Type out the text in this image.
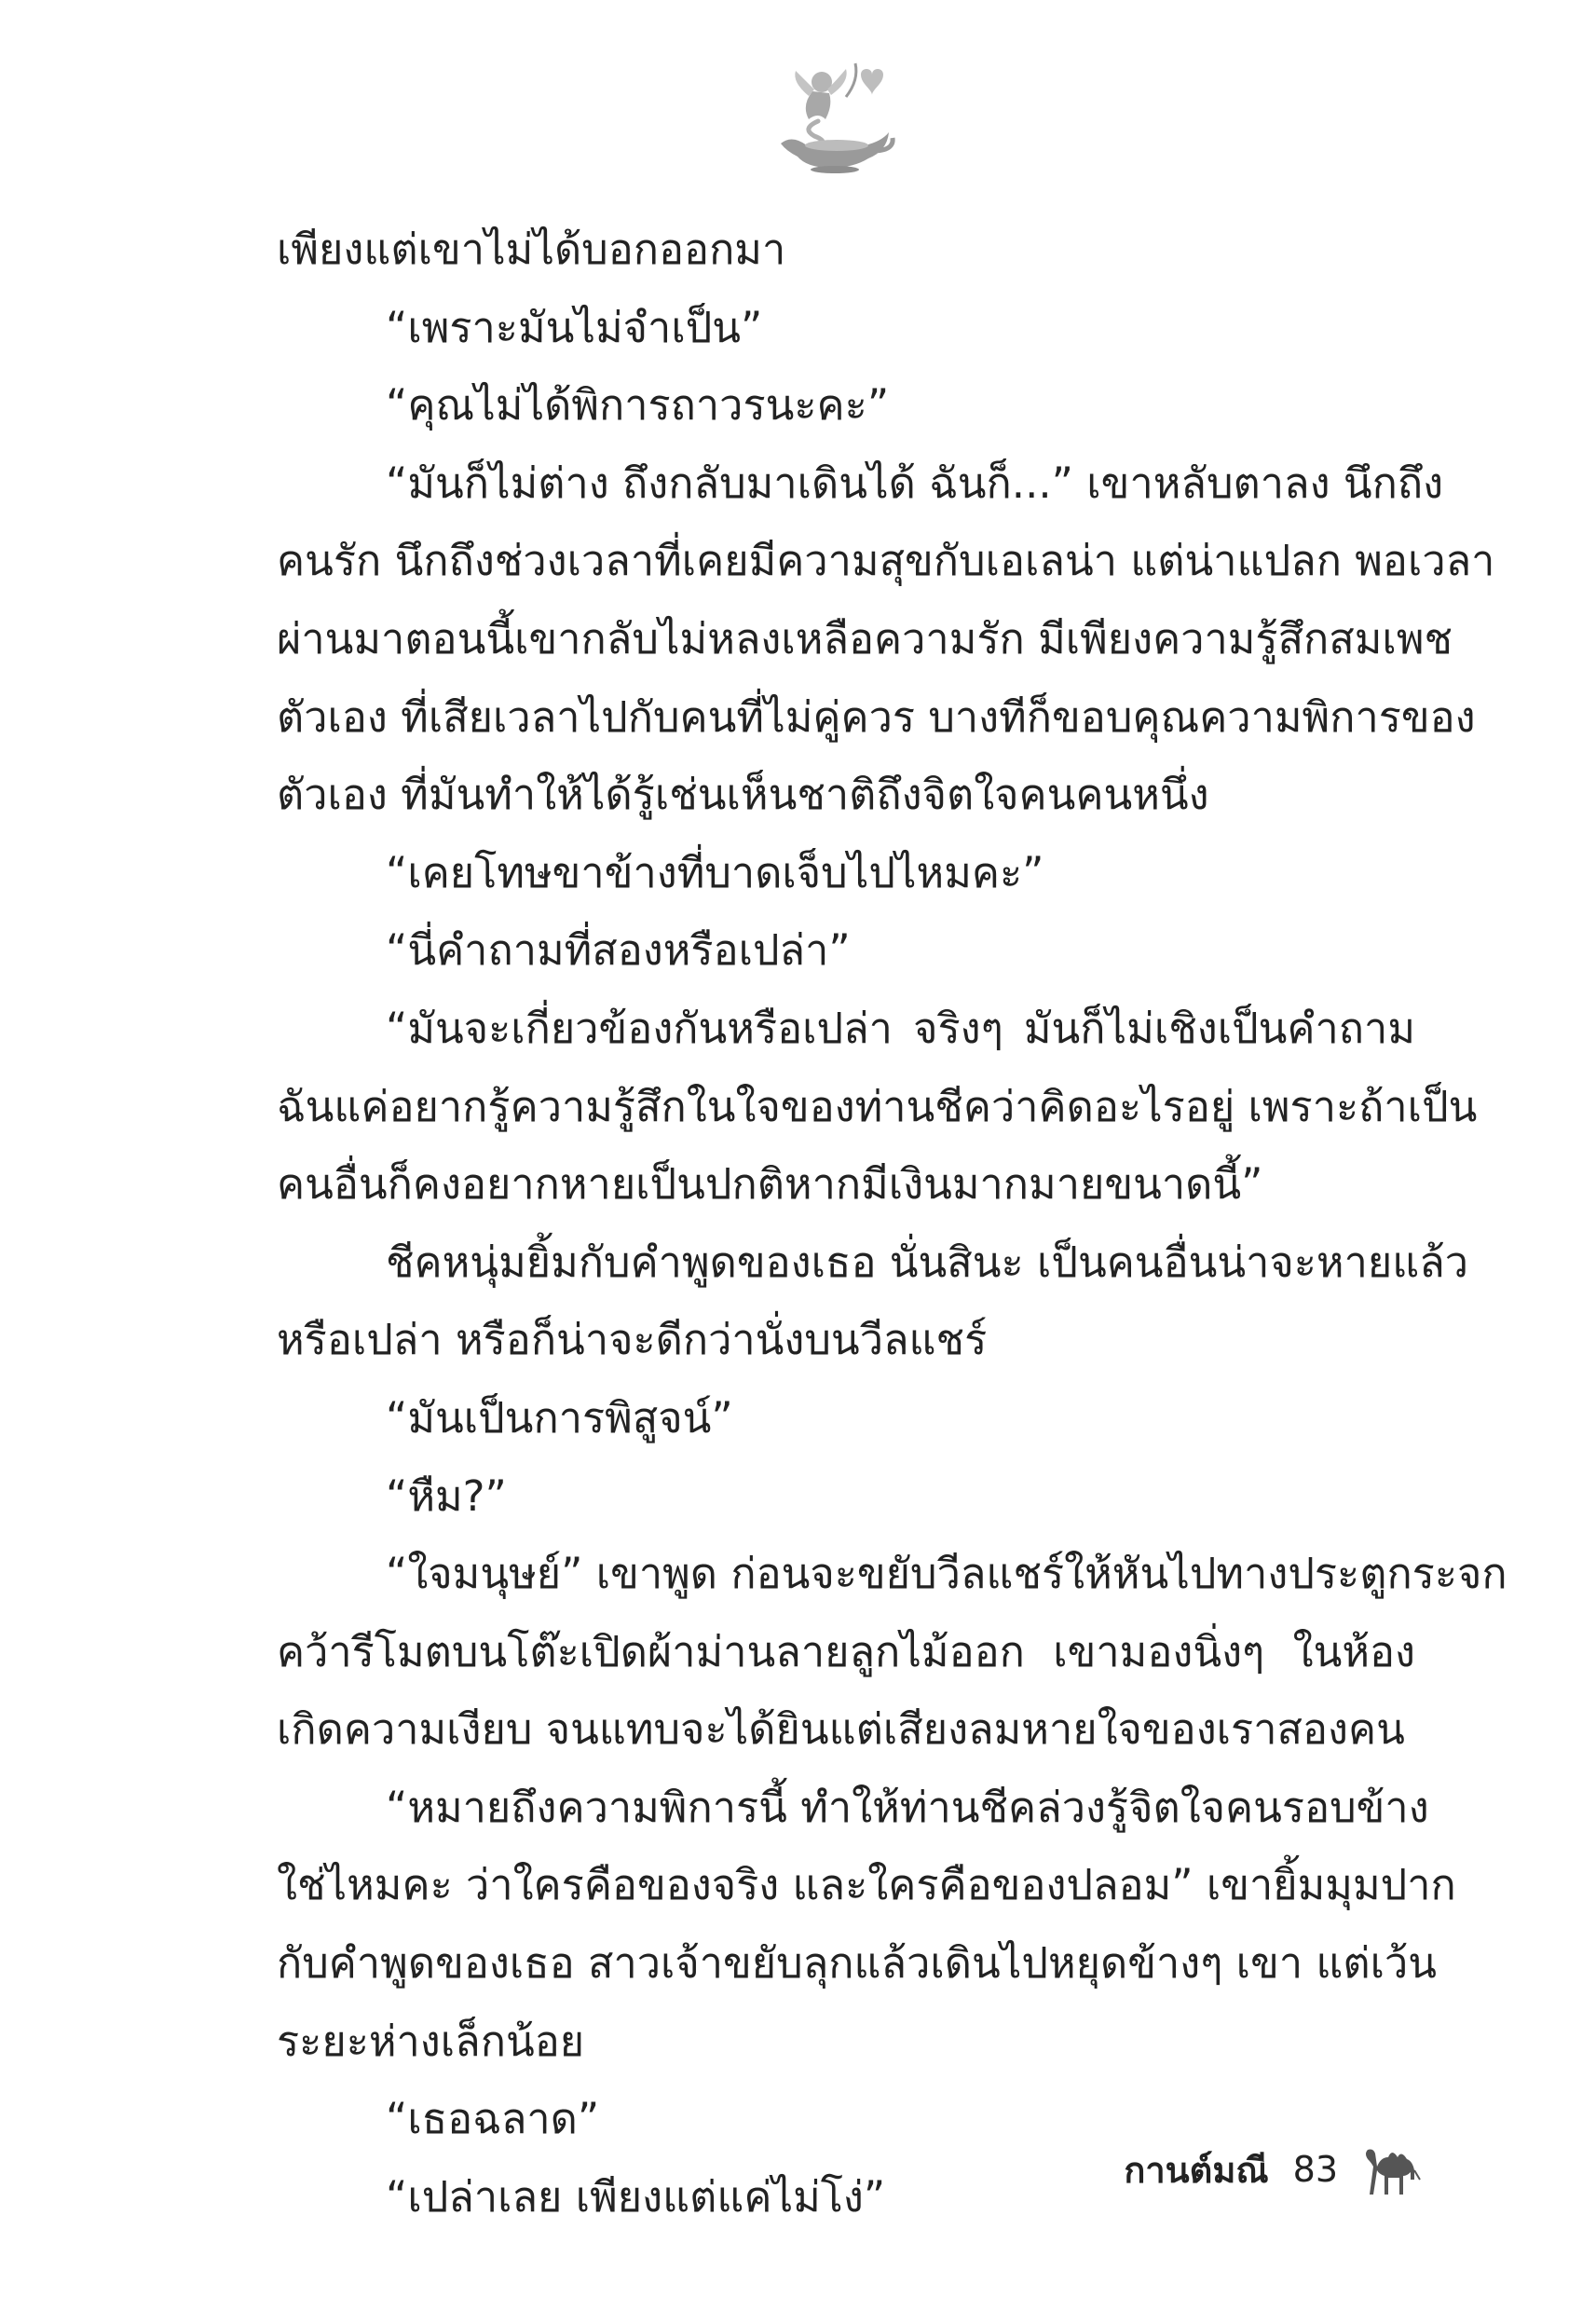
เพียงแต่เขาไม่ได้บอกออกมา
“เพราะมันไม่จำเป็น”
“คุณไม่ได้พิการถาวรนะคะ”
“มันก็ไม่ต่าง ถึงกลับมาเดินได้ ฉันก็...” เขาหลับตาลง นึกถึง
คนรัก นึกถึงช่วงเวลาที่เคยมีความสุขกับเอเลน่า แต่น่าแปลก พอเวลา
ผ่านมาตอนนี้เขากลับไม่หลงเหลือความรัก มีเพียงความรู้สึกสมเพช
ตัวเอง ที่เสียเวลาไปกับคนที่ไม่คู่ควร บางทีก็ขอบคุณความพิการของ
ตัวเอง ที่มันทำให้ได้รู้เช่นเห็นชาติถึงจิตใจคนคนหนึ่ง
“เคยโทษขาข้างที่บาดเจ็บไปไหมคะ”
“นี่คำถามที่สองหรือเปล่า”
“มันจะเกี่ยวข้องกันหรือเปล่า จริงๆ มันก็ไม่เชิงเป็นคำถาม
ฉันแค่อยากรู้ความรู้สึกในใจของท่านชีคว่าคิดอะไรอยู่ เพราะถ้าเป็น
คนอื่นก็คงอยากหายเป็นปกติหากมีเงินมากมายขนาดนี้”
ชีคหนุ่มยิ้มกับคำพูดของเธอ นั่นสินะ เป็นคนอื่นน่าจะหายแล้ว
หรือเปล่า หรือก็น่าจะดีกว่านั่งบนวีลแชร์
“มันเป็นการพิสูจน์”
“หืม?”
“ใจมนุษย์” เขาพูด ก่อนจะขยับวีลแชร์ให้หันไปทางประตูกระจก
คว้ารีโมตบนโต๊ะเปิดผ้าม่านลายลูกไม้ออก เขามองนิ่งๆ ในห้อง
เกิดความเงียบ จนแทบจะได้ยินแต่เสียงลมหายใจของเราสองคน
“หมายถึงความพิการนี้ ทำให้ท่านชีคล่วงรู้จิตใจคนรอบข้าง
ใช่ไหมคะ ว่าใครคือของจริง และใครคือของปลอม” เขายิ้มมุมปาก
กับคำพูดของเธอ สาวเจ้าขยับลุกแล้วเดินไปหยุดข้างๆ เขา แต่เว้น
ระยะห่างเล็กน้อย
“เธอฉลาด”
“เปล่าเลย เพียงแต่แค่ไม่โง่”
กานต์มณี 83
